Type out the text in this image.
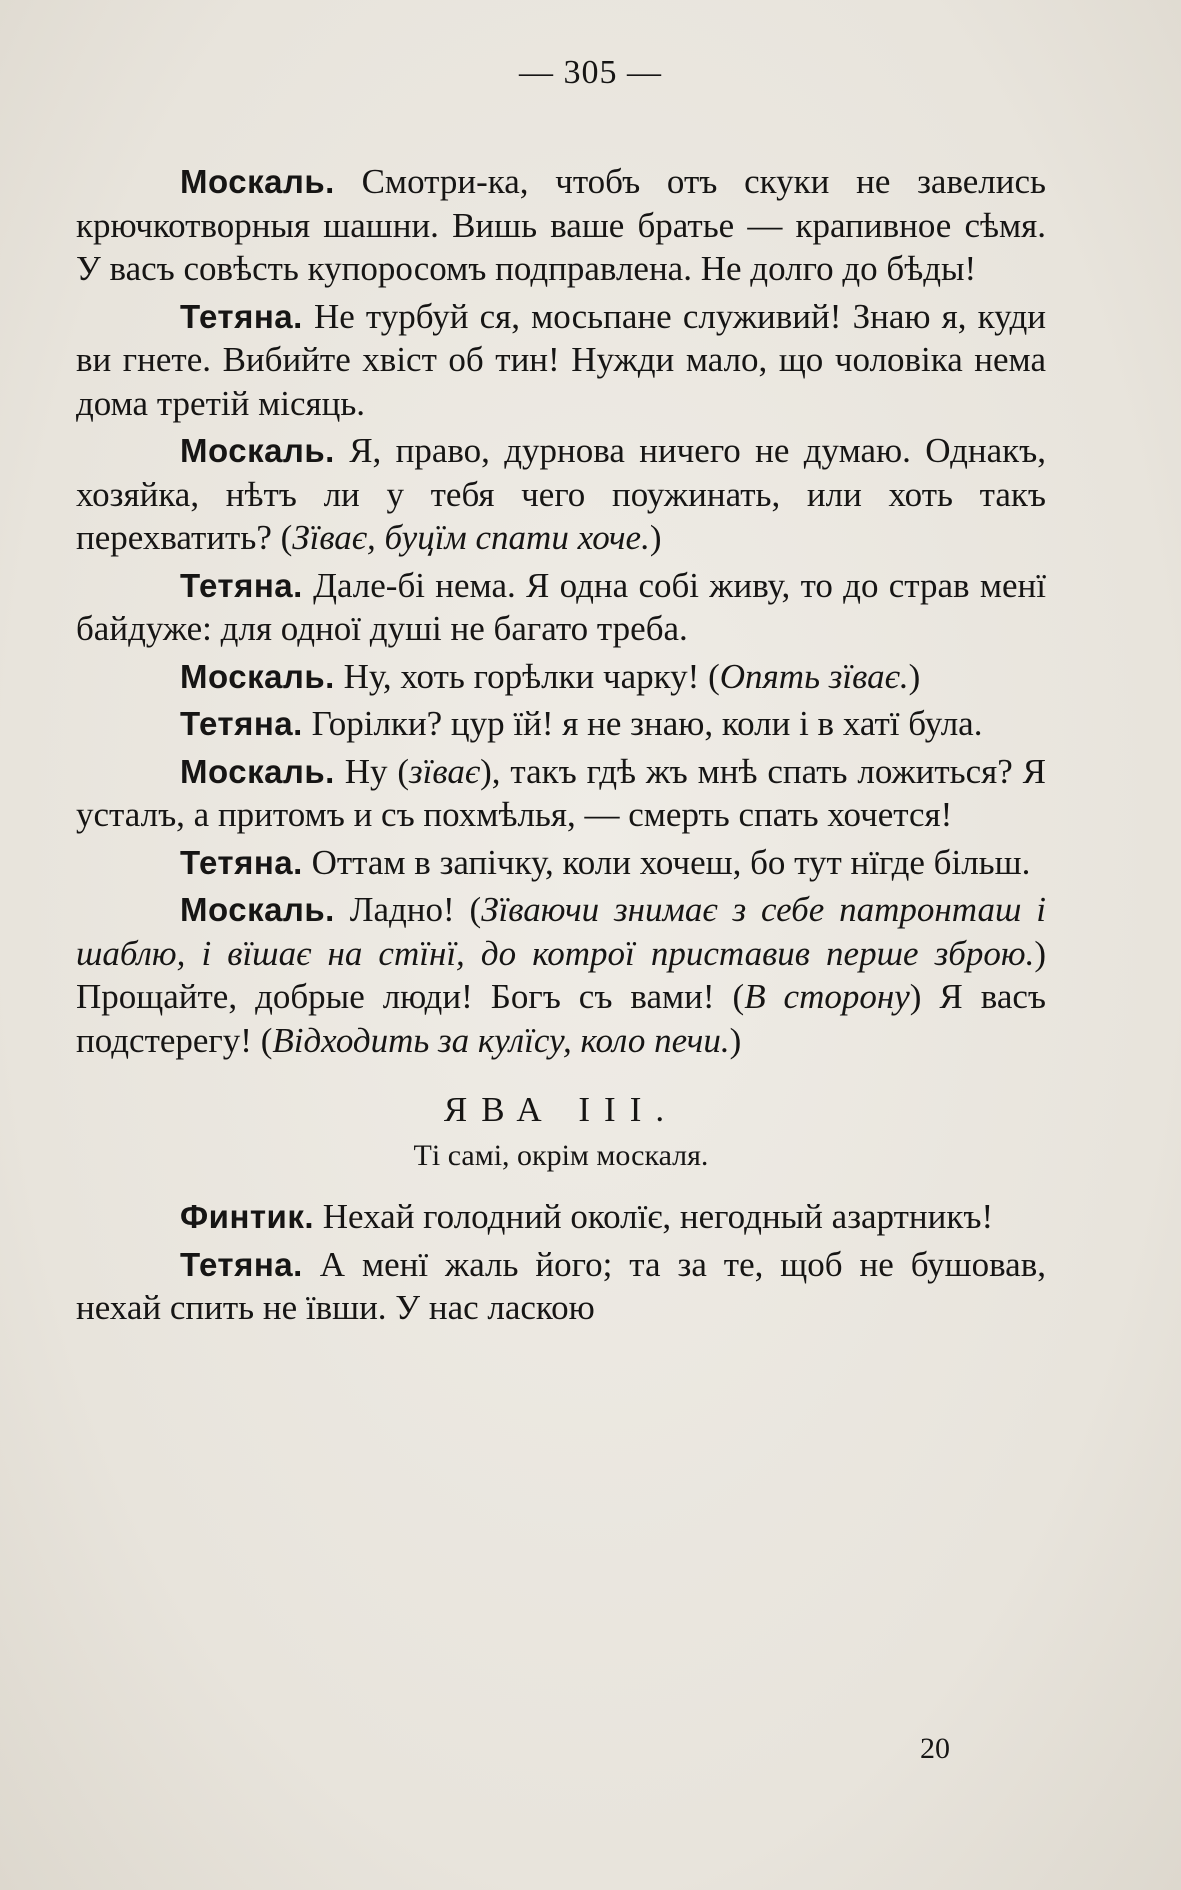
— 305 —

Москаль. Смотри-ка, чтобъ отъ скуки не завелись крючкотворныя шашни. Вишь ваше братье — крапивное сѣмя. У васъ совѣсть купоросомъ подправлена. Не долго до бѣды!

Тетяна. Не турбуй ся, мосьпане служивий! Знаю я, куди ви гнете. Вибийте хвіст об тин! Нужди мало, що чоловіка нема дома третій місяць.

Москаль. Я, право, дурнова ничего не думаю. Однакъ, хозяйка, нѣтъ ли у тебя чего поужинать, или хоть такъ перехватить? (Зїває, буцїм спати хоче.)

Тетяна. Дале-бі нема. Я одна собі живу, то до страв менї байдуже: для одної душі не багато треба.

Москаль. Ну, хоть горѣлки чарку! (Опять зїває.)

Тетяна. Горілки? цур їй! я не знаю, коли і в хатї була.

Москаль. Ну (зїває), такъ гдѣ жъ мнѣ спать ложиться? Я усталъ, а притомъ и съ похмѣлья, — смерть спать хочется!

Тетяна. Оттам в запічку, коли хочеш, бо тут нїгде більш.

Москаль. Ладно! (Зїваючи знимає з себе патронташ і шаблю, і вїшає на стїнї, до котрої приставив перше зброю.) Прощайте, добрые люди! Богъ съ вами! (В сторону) Я васъ подстерегу! (Відходить за кулїсу, коло печи.)

ЯВА III.
Ті самі, окрім москаля.

Финтик. Нехай голодний околїє, негодный азартникъ!

Тетяна. А менї жаль його; та за те, щоб не бушовав, нехай спить не ївши. У нас ласкою

20
